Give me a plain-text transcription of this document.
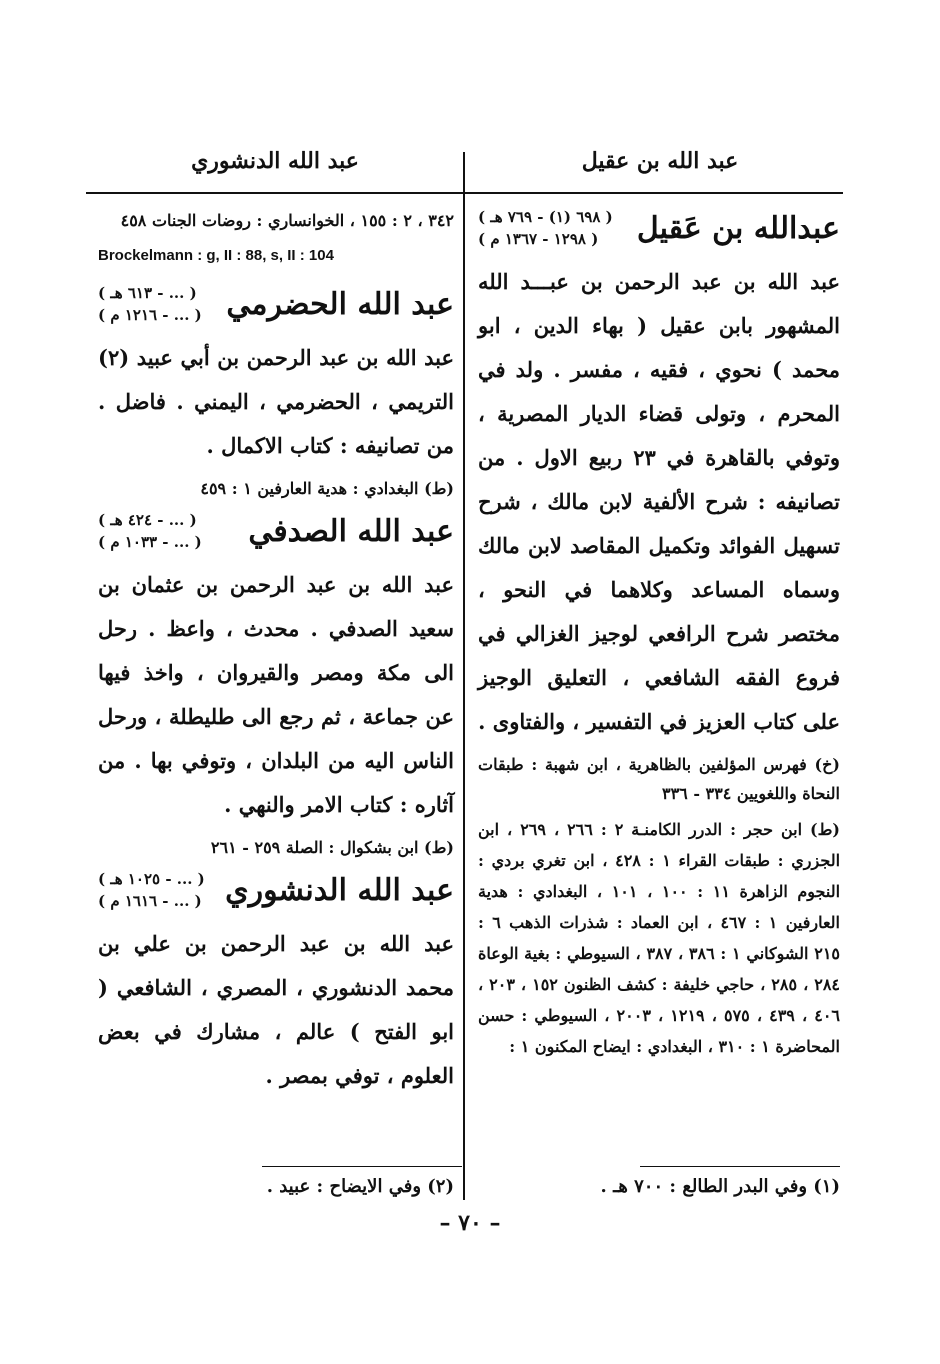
عبد الله بن عقيل
عبد الله الدنشوري
عبدالله بن عَقيل
( ٦٩٨ (١) - ٧٦٩ هـ )
( ١٢٩٨ - ١٣٦٧ م )

عبد الله بن عبد الرحمن بن عبـــد الله المشهور بابن عقيل ( بهاء الدين ، ابو محمد ) نحوي ، فقيه ، مفسر . ولد في المحرم ، وتولى قضاء الديار المصرية ، وتوفي بالقاهرة في ٢٣ ربيع الاول . من تصانيفه : شرح الألفية لابن مالك ، شرح تسهيل الفوائد وتكميل المقاصد لابن مالك وسماه المساعد وكلاهما في النحو ، مختصر شرح الرافعي لوجيز الغزالي في فروع الفقه الشافعي ، التعليق الوجيز على كتاب العزيز في التفسير ، والفتاوى .

(خ) فهرس المؤلفين بالظاهرية ، ابن شهبة : طبقات النحاة واللغويين ٣٣٤ - ٣٣٦

(ط) ابن حجر : الدرر الكامنـة ٢ : ٢٦٦ ، ٢٦٩ ، ابن الجزري : طبقات القراء ١ : ٤٢٨ ، ابن تغري بردي : النجوم الزاهرة ١١ : ١٠٠ ، ١٠١ ، البغدادي : هدية العارفين ١ : ٤٦٧ ، ابن العماد : شذرات الذهب ٦ : ٢١٥ الشوكاني ١ : ٣٨٦ ، ٣٨٧ ، السيوطي : بغية الوعاة ٢٨٤ ، ٢٨٥ ، حاجي خليفة : كشف الظنون ١٥٢ ، ٢٠٣ ، ٤٠٦ ، ٤٣٩ ، ٥٧٥ ، ١٢١٩ ، ٢٠٠٣ ، السيوطي : حسن المحاضرة ١ : ٣١٠ ، البغدادي : ايضاح المكنون ١ :

٣٤٢ ، ٢ : ١٥٥ ، الخوانساري : روضات الجنات ٤٥٨

Brockelmann : g, II : 88, s, II : 104
عبد الله الحضرمي
( ... - ٦١٣ هـ )
( ... - ١٢١٦ م )

عبد الله بن عبد الرحمن بن أبي عبيد (٢) التريمي ، الحضرمي ، اليمني . فاضل . من تصانيفه : كتاب الاكمال .

(ط) البغدادي : هدية العارفين ١ : ٤٥٩

عبد الله الصدفي
( ... - ٤٢٤ هـ )
( ... - ١٠٣٣ م )

عبد الله بن عبد الرحمن بن عثمان بن سعيد الصدفي . محدث ، واعظ . رحل الى مكة ومصر والقيروان ، واخذ فيها عن جماعة ، ثم رجع الى طليطلة ، ورحل الناس اليه من البلدان ، وتوفي بها . من آثاره : كتاب الامر والنهي .

(ط) ابن بشكوال : الصلة ٢٥٩ - ٢٦١

عبد الله الدنشوري
( ... - ١٠٢٥ هـ )
( ... - ١٦١٦ م )

عبد الله بن عبد الرحمن بن علي بن محمد الدنشوري ، المصري ، الشافعي ( ابو الفتح ) عالم ، مشارك في بعض العلوم ، توفي بمصر .

(١) وفي البدر الطالع : ٧٠٠ هـ .
(٢) وفي الايضاح : عبيد .
– ٧٠ –
